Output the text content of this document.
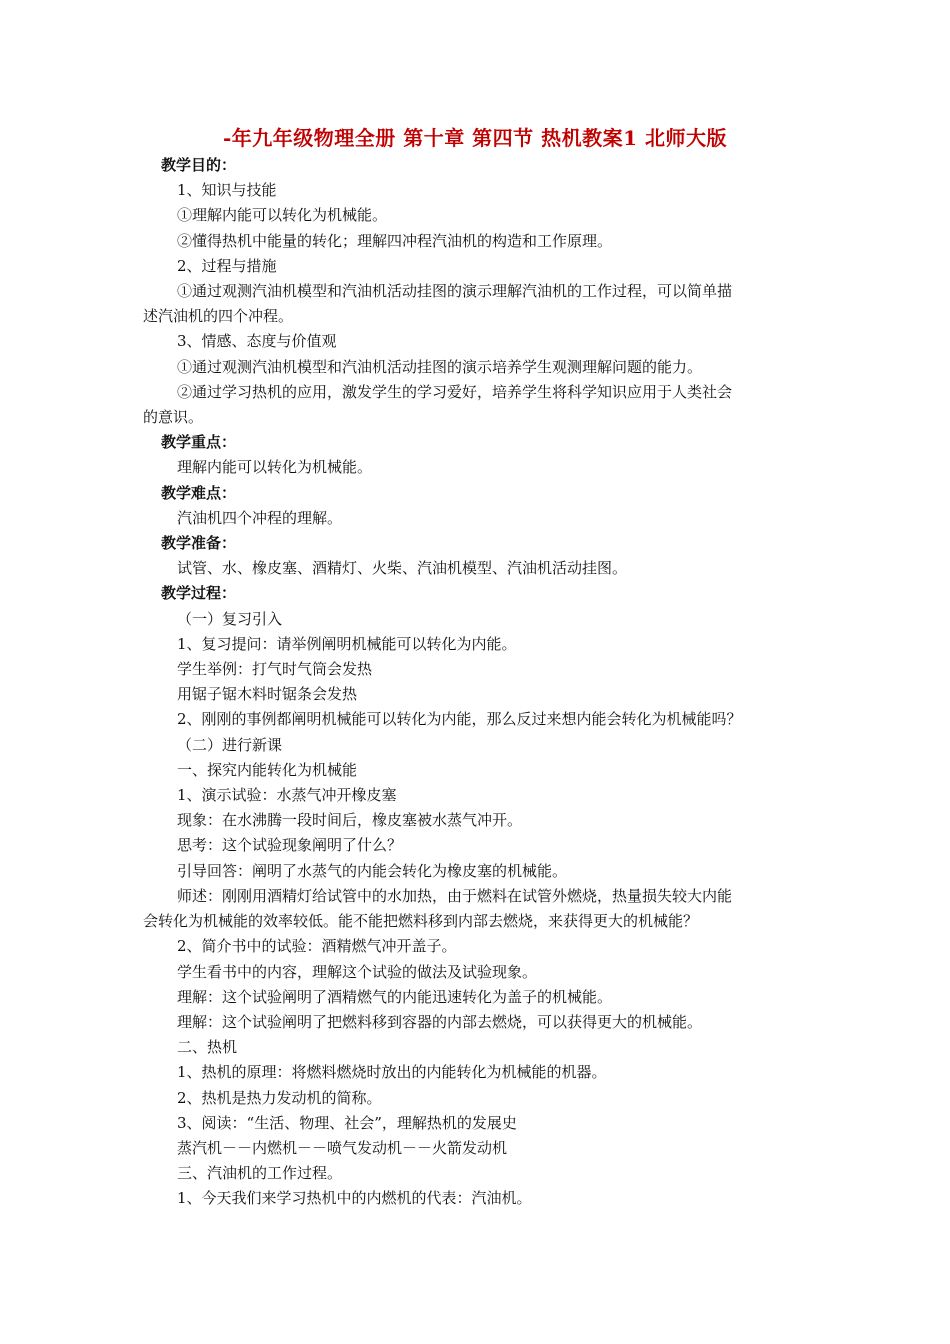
-年九年级物理全册 第十章 第四节 热机教案1 北师大版

教学目的：

1、知识与技能

①理解内能可以转化为机械能。

②懂得热机中能量的转化；理解四冲程汽油机的构造和工作原理。

2、过程与措施

①通过观测汽油机模型和汽油机活动挂图的演示理解汽油机的工作过程，可以简单描

述汽油机的四个冲程。

3、情感、态度与价值观

①通过观测汽油机模型和汽油机活动挂图的演示培养学生观测理解问题的能力。

②通过学习热机的应用，激发学生的学习爱好，培养学生将科学知识应用于人类社会

的意识。

教学重点：

理解内能可以转化为机械能。

教学难点：

汽油机四个冲程的理解。

教学准备：

试管、水、橡皮塞、酒精灯、火柴、汽油机模型、汽油机活动挂图。

教学过程：

（一）复习引入

1、复习提问：请举例阐明机械能可以转化为内能。

学生举例：打气时气筒会发热

用锯子锯木料时锯条会发热

2、刚刚的事例都阐明机械能可以转化为内能，那么反过来想内能会转化为机械能吗？

（二）进行新课

一、探究内能转化为机械能

1、演示试验：水蒸气冲开橡皮塞

现象：在水沸腾一段时间后，橡皮塞被水蒸气冲开。

思考：这个试验现象阐明了什么？

引导回答：阐明了水蒸气的内能会转化为橡皮塞的机械能。

师述：刚刚用酒精灯给试管中的水加热，由于燃料在试管外燃烧，热量损失较大内能

会转化为机械能的效率较低。能不能把燃料移到内部去燃烧，来获得更大的机械能？

2、简介书中的试验：酒精燃气冲开盖子。

学生看书中的内容，理解这个试验的做法及试验现象。

理解：这个试验阐明了酒精燃气的内能迅速转化为盖子的机械能。

理解：这个试验阐明了把燃料移到容器的内部去燃烧，可以获得更大的机械能。

二、热机

1、热机的原理：将燃料燃烧时放出的内能转化为机械能的机器。

2、热机是热力发动机的简称。

3、阅读：“生活、物理、社会”，理解热机的发展史

蒸汽机－－内燃机－－喷气发动机－－火箭发动机

三、汽油机的工作过程。

1、今天我们来学习热机中的内燃机的代表：汽油机。
